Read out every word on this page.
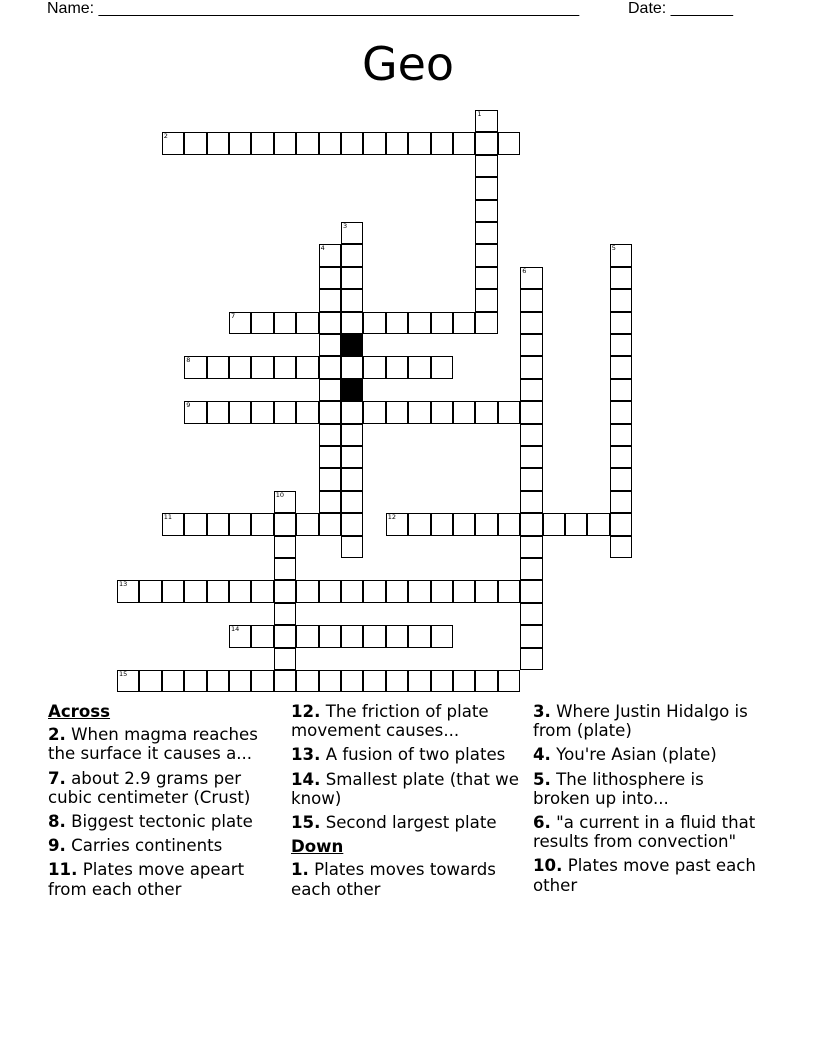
Name: ______________________________________________________	Date: _______
Geo
1
2
3
4	5
6
7
8
9
10
11	12
13
14
15
Across
2. When magma reaches the surface it causes a...
7. about 2.9 grams per cubic centimeter (Crust)
8. Biggest tectonic plate
9. Carries continents
11. Plates move apeart from each other
12. The friction of plate movement causes...
13. A fusion of two plates
14. Smallest plate (that we know)
15. Second largest plate
Down
1. Plates moves towards each other
3. Where Justin Hidalgo is from (plate)
4. You're Asian (plate)
5. The lithosphere is broken up into...
6. "a current in a fluid that results from convection"
10. Plates move past each other
